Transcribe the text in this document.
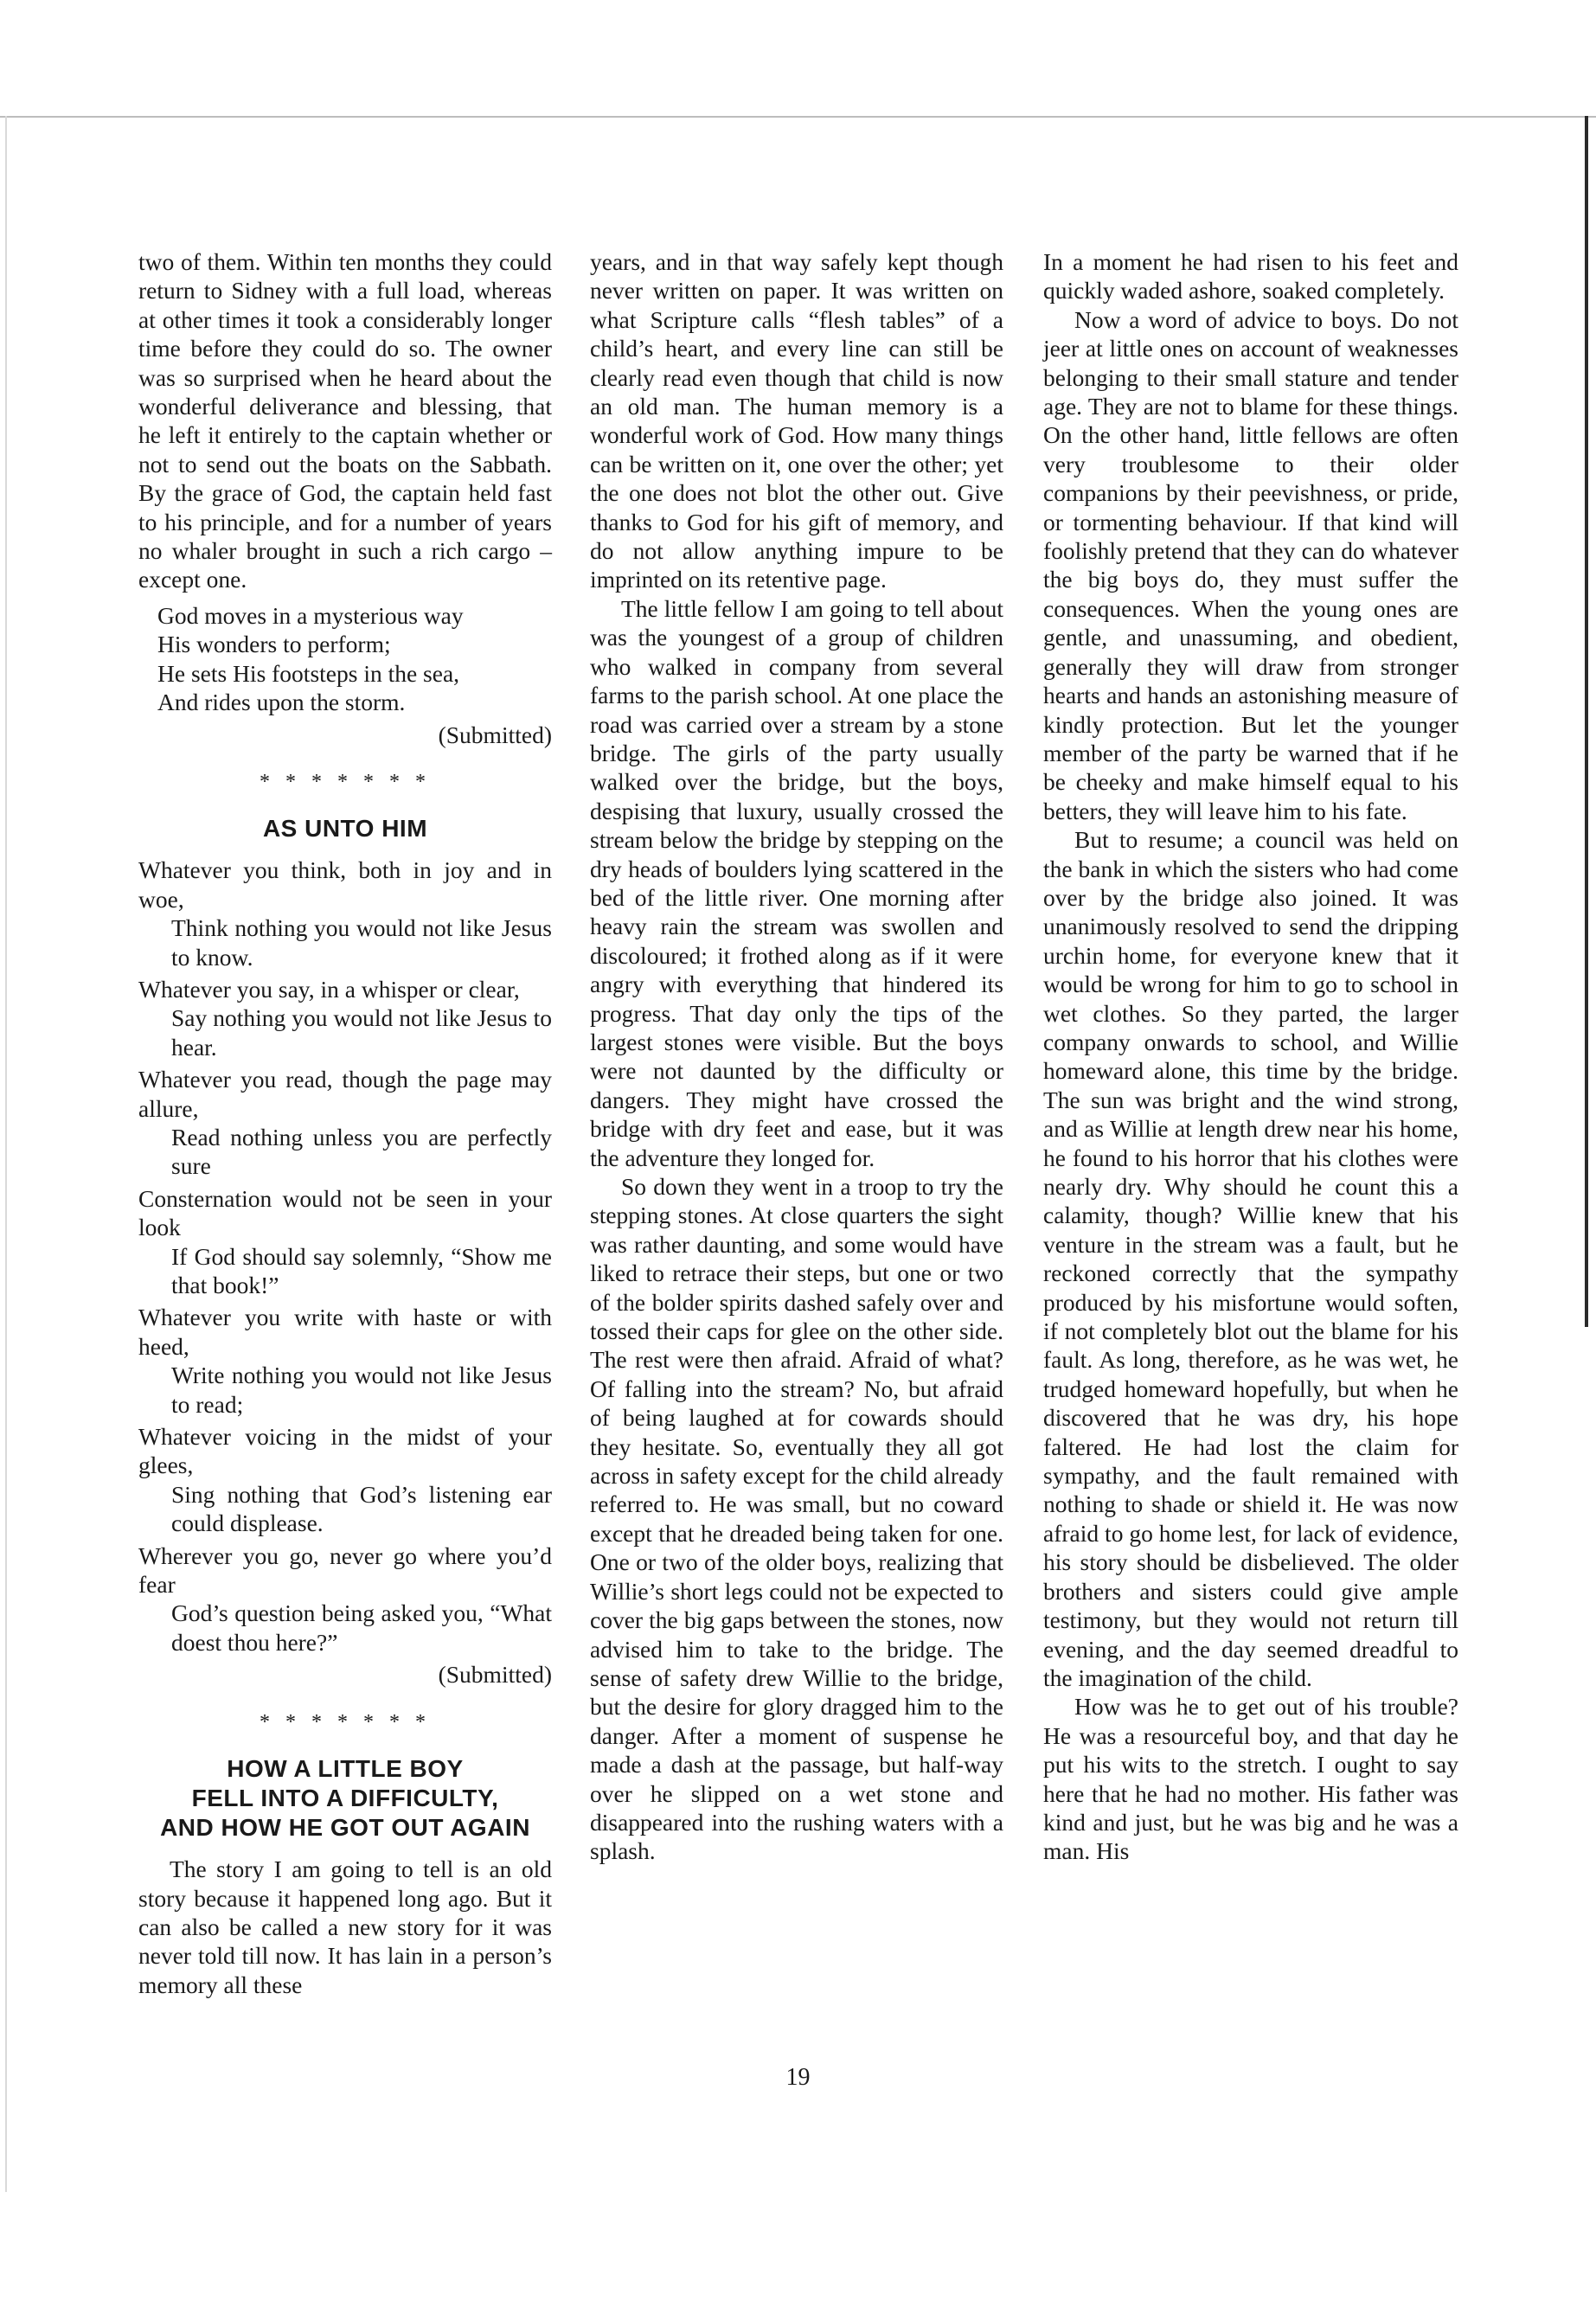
two of them. Within ten months they could return to Sidney with a full load, whereas at other times it took a considerably longer time before they could do so. The owner was so surprised when he heard about the wonderful deliverance and blessing, that he left it entirely to the captain whether or not to send out the boats on the Sabbath. By the grace of God, the captain held fast to his principle, and for a number of years no whaler brought in such a rich cargo – except one.

God moves in a mysterious way
His wonders to perform;
He sets His footsteps in the sea,
And rides upon the storm.
(Submitted)
* * * * * * *
AS UNTO HIM

Whatever you think, both in joy and in woe,

Think nothing you would not like Jesus to know.

Whatever you say, in a whisper or clear,

Say nothing you would not like Jesus to hear.

Whatever you read, though the page may allure,

Read nothing unless you are perfectly sure

Consternation would not be seen in your look

If God should say solemnly, “Show me that book!”

Whatever you write with haste or with heed,

Write nothing you would not like Jesus to read;

Whatever voicing in the midst of your glees,

Sing nothing that God’s listening ear could displease.

Wherever you go, never go where you’d fear

God’s question being asked you, “What doest thou here?”

(Submitted)
* * * * * * *
HOW A LITTLE BOY
FELL INTO A DIFFICULTY,
AND HOW HE GOT OUT AGAIN

The story I am going to tell is an old story because it happened long ago. But it can also be called a new story for it was never told till now. It has lain in a person’s memory all these

years, and in that way safely kept though never written on paper. It was written on what Scripture calls “flesh tables” of a child’s heart, and every line can still be clearly read even though that child is now an old man. The human memory is a wonderful work of God. How many things can be written on it, one over the other; yet the one does not blot the other out. Give thanks to God for his gift of memory, and do not allow anything impure to be imprinted on its retentive page.

The little fellow I am going to tell about was the youngest of a group of children who walked in company from several farms to the parish school. At one place the road was carried over a stream by a stone bridge. The girls of the party usually walked over the bridge, but the boys, despising that luxury, usually crossed the stream below the bridge by stepping on the dry heads of boulders lying scattered in the bed of the little river. One morning after heavy rain the stream was swollen and discoloured; it frothed along as if it were angry with everything that hindered its progress. That day only the tips of the largest stones were visible. But the boys were not daunted by the difficulty or dangers. They might have crossed the bridge with dry feet and ease, but it was the adventure they longed for.

So down they went in a troop to try the stepping stones. At close quarters the sight was rather daunting, and some would have liked to retrace their steps, but one or two of the bolder spirits dashed safely over and tossed their caps for glee on the other side. The rest were then afraid. Afraid of what? Of falling into the stream? No, but afraid of being laughed at for cowards should they hesitate. So, eventually they all got across in safety except for the child already referred to. He was small, but no coward except that he dreaded being taken for one. One or two of the older boys, realizing that Willie’s short legs could not be expected to cover the big gaps between the stones, now advised him to take to the bridge. The sense of safety drew Willie to the bridge, but the desire for glory dragged him to the danger. After a moment of suspense he made a dash at the passage, but half-way over he slipped on a wet stone and disappeared into the rushing waters with a splash.

In a moment he had risen to his feet and quickly waded ashore, soaked completely.

Now a word of advice to boys. Do not jeer at little ones on account of weaknesses belonging to their small stature and tender age. They are not to blame for these things. On the other hand, little fellows are often very troublesome to their older companions by their peevishness, or pride, or tormenting behaviour. If that kind will foolishly pretend that they can do whatever the big boys do, they must suffer the consequences. When the young ones are gentle, and unassuming, and obedient, generally they will draw from stronger hearts and hands an astonishing measure of kindly protection. But let the younger member of the party be warned that if he be cheeky and make himself equal to his betters, they will leave him to his fate.

But to resume; a council was held on the bank in which the sisters who had come over by the bridge also joined. It was unanimously resolved to send the dripping urchin home, for everyone knew that it would be wrong for him to go to school in wet clothes. So they parted, the larger company onwards to school, and Willie homeward alone, this time by the bridge. The sun was bright and the wind strong, and as Willie at length drew near his home, he found to his horror that his clothes were nearly dry. Why should he count this a calamity, though? Willie knew that his venture in the stream was a fault, but he reckoned correctly that the sympathy produced by his misfortune would soften, if not completely blot out the blame for his fault. As long, therefore, as he was wet, he trudged homeward hopefully, but when he discovered that he was dry, his hope faltered. He had lost the claim for sympathy, and the fault remained with nothing to shade or shield it. He was now afraid to go home lest, for lack of evidence, his story should be disbelieved. The older brothers and sisters could give ample testimony, but they would not return till evening, and the day seemed dreadful to the imagination of the child.

How was he to get out of his trouble? He was a resourceful boy, and that day he put his wits to the stretch. I ought to say here that he had no mother. His father was kind and just, but he was big and he was a man. His

19
